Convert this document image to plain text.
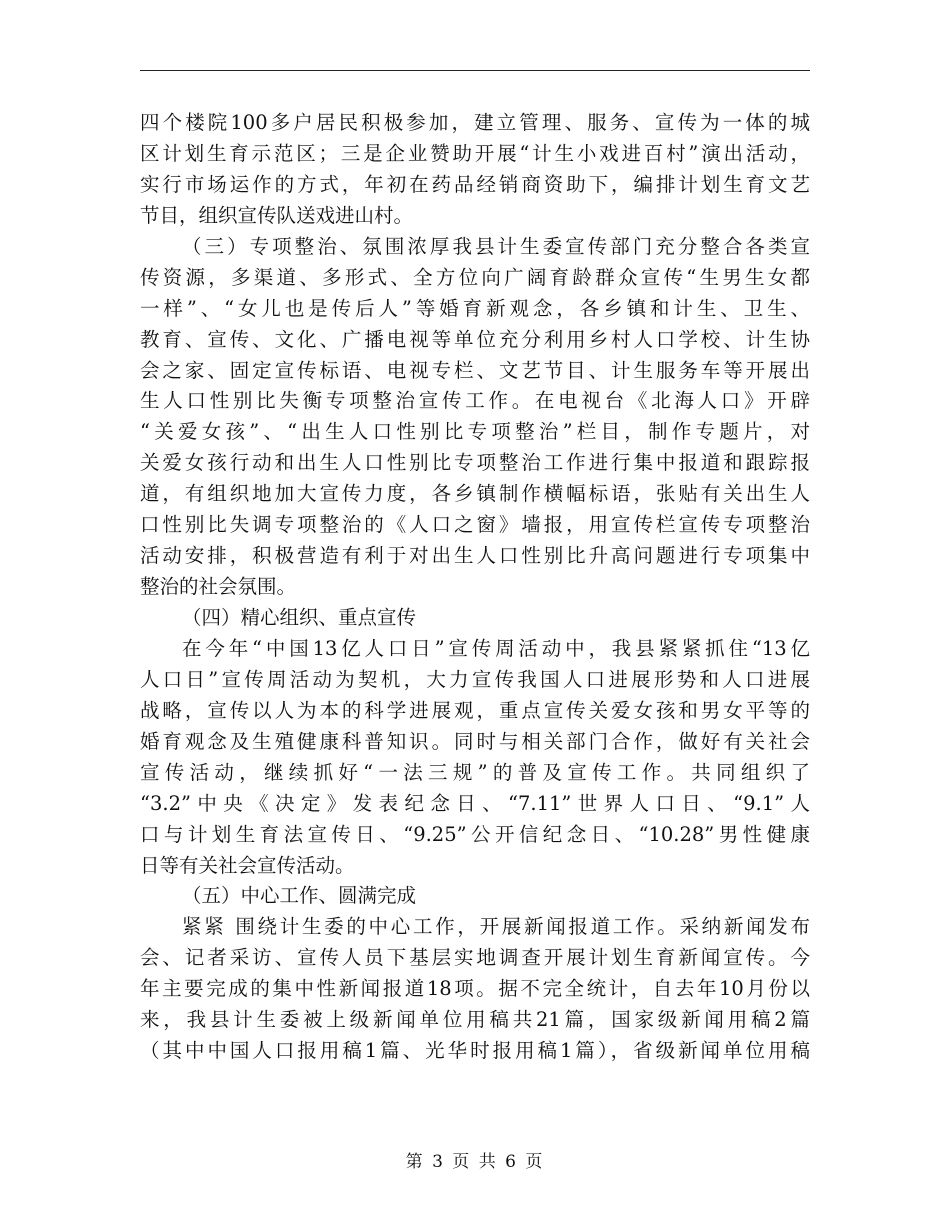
四个楼院100多户居民积极参加，建立管理、服务、宣传为一体的城
区计划生育示范区；三是企业赞助开展“计生小戏进百村”演出活动，
实行市场运作的方式，年初在药品经销商资助下，编排计划生育文艺
节目，组织宣传队送戏进山村。
（三）专项整治、氛围浓厚我县计生委宣传部门充分整合各类宣
传资源，多渠道、多形式、全方位向广阔育龄群众宣传“生男生女都
一样”、“女儿也是传后人”等婚育新观念，各乡镇和计生、卫生、
教育、宣传、文化、广播电视等单位充分利用乡村人口学校、计生协
会之家、固定宣传标语、电视专栏、文艺节目、计生服务车等开展出
生人口性别比失衡专项整治宣传工作。在电视台《北海人口》开辟
“关爱女孩”、“出生人口性别比专项整治”栏目，制作专题片，对
关爱女孩行动和出生人口性别比专项整治工作进行集中报道和跟踪报
道，有组织地加大宣传力度，各乡镇制作横幅标语，张贴有关出生人
口性别比失调专项整治的《人口之窗》墙报，用宣传栏宣传专项整治
活动安排，积极营造有利于对出生人口性别比升高问题进行专项集中
整治的社会氛围。
（四）精心组织、重点宣传
在今年“中国13亿人口日”宣传周活动中，我县紧紧抓住“13亿
人口日”宣传周活动为契机，大力宣传我国人口进展形势和人口进展
战略，宣传以人为本的科学进展观，重点宣传关爱女孩和男女平等的
婚育观念及生殖健康科普知识。同时与相关部门合作，做好有关社会
宣传活动，继续抓好“一法三规”的普及宣传工作。共同组织了
“3.2”中央《决定》发表纪念日、“7.11”世界人口日、“9.1”人
口与计划生育法宣传日、“9.25”公开信纪念日、“10.28”男性健康
日等有关社会宣传活动。
（五）中心工作、圆满完成
紧紧 围绕计生委的中心工作，开展新闻报道工作。采纳新闻发布
会、记者采访、宣传人员下基层实地调查开展计划生育新闻宣传。今
年主要完成的集中性新闻报道18项。据不完全统计，自去年10月份以
来，我县计生委被上级新闻单位用稿共21篇，国家级新闻用稿2篇
（其中中国人口报用稿1篇、光华时报用稿1篇），省级新闻单位用稿
第 3 页 共 6 页
